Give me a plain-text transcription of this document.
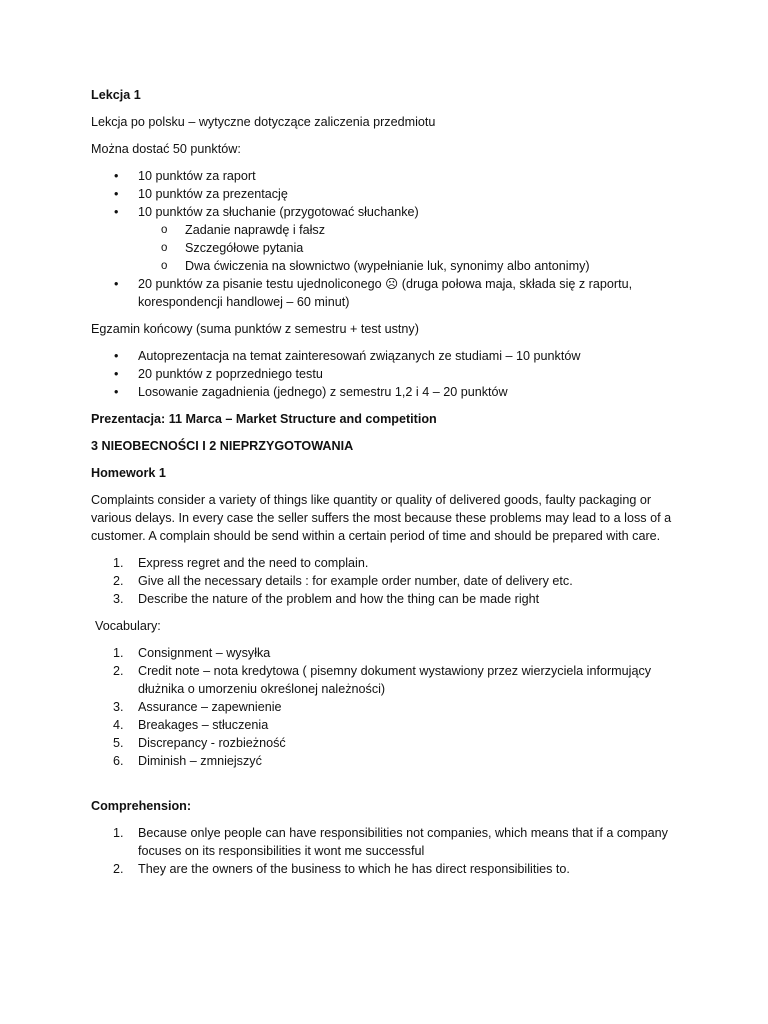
Lekcja 1

Lekcja po polsku – wytyczne dotyczące zaliczenia przedmiotu

Można dostać 50 punktów:

• 10 punktów za raport
• 10 punktów za prezentację
• 10 punktów za słuchanie (przygotować słuchanke)
o Zadanie naprawdę i fałsz
o Szczegółowe pytania
o Dwa ćwiczenia na słownictwo (wypełnianie luk, synonimy albo antonimy)
• 20 punktów za pisanie testu ujednoliconego ☹ (druga połowa maja, składa się z raportu, korespondencji handlowej – 60 minut)

Egzamin końcowy (suma punktów z semestru + test ustny)

• Autoprezentacja na temat zainteresowań związanych ze studiami – 10 punktów
• 20 punktów z poprzedniego testu
• Losowanie zagadnienia (jednego) z semestru 1,2 i 4 – 20 punktów

Prezentacja: 11 Marca – Market Structure and competition

3 NIEOBECNOŚCI I 2 NIEPRZYGOTOWANIA

Homework 1

Complaints consider a variety of things like quantity or quality of delivered goods, faulty packaging or various delays. In every case the seller suffers the most because these problems may lead to a loss of a customer. A complain should be send within a certain period of time and should be prepared with care.

1. Express regret and the need to complain.
2. Give all the necessary details : for example order number, date of delivery etc.
3. Describe the nature of the problem and how the thing can be made right

Vocabulary:

1. Consignment – wysyłka
2. Credit note – nota kredytowa ( pisemny dokument wystawiony przez wierzyciela informujący dłużnika o umorzeniu określonej należności)
3. Assurance – zapewnienie
4. Breakages – stłuczenia
5. Discrepancy - rozbieżność
6. Diminish – zmniejszyć

Comprehension:

1. Because onlye people can have responsibilities not companies, which means that if a company focuses on its responsibilities it wont me successful
2. They are the owners of the business to which he has direct responsibilities to.
